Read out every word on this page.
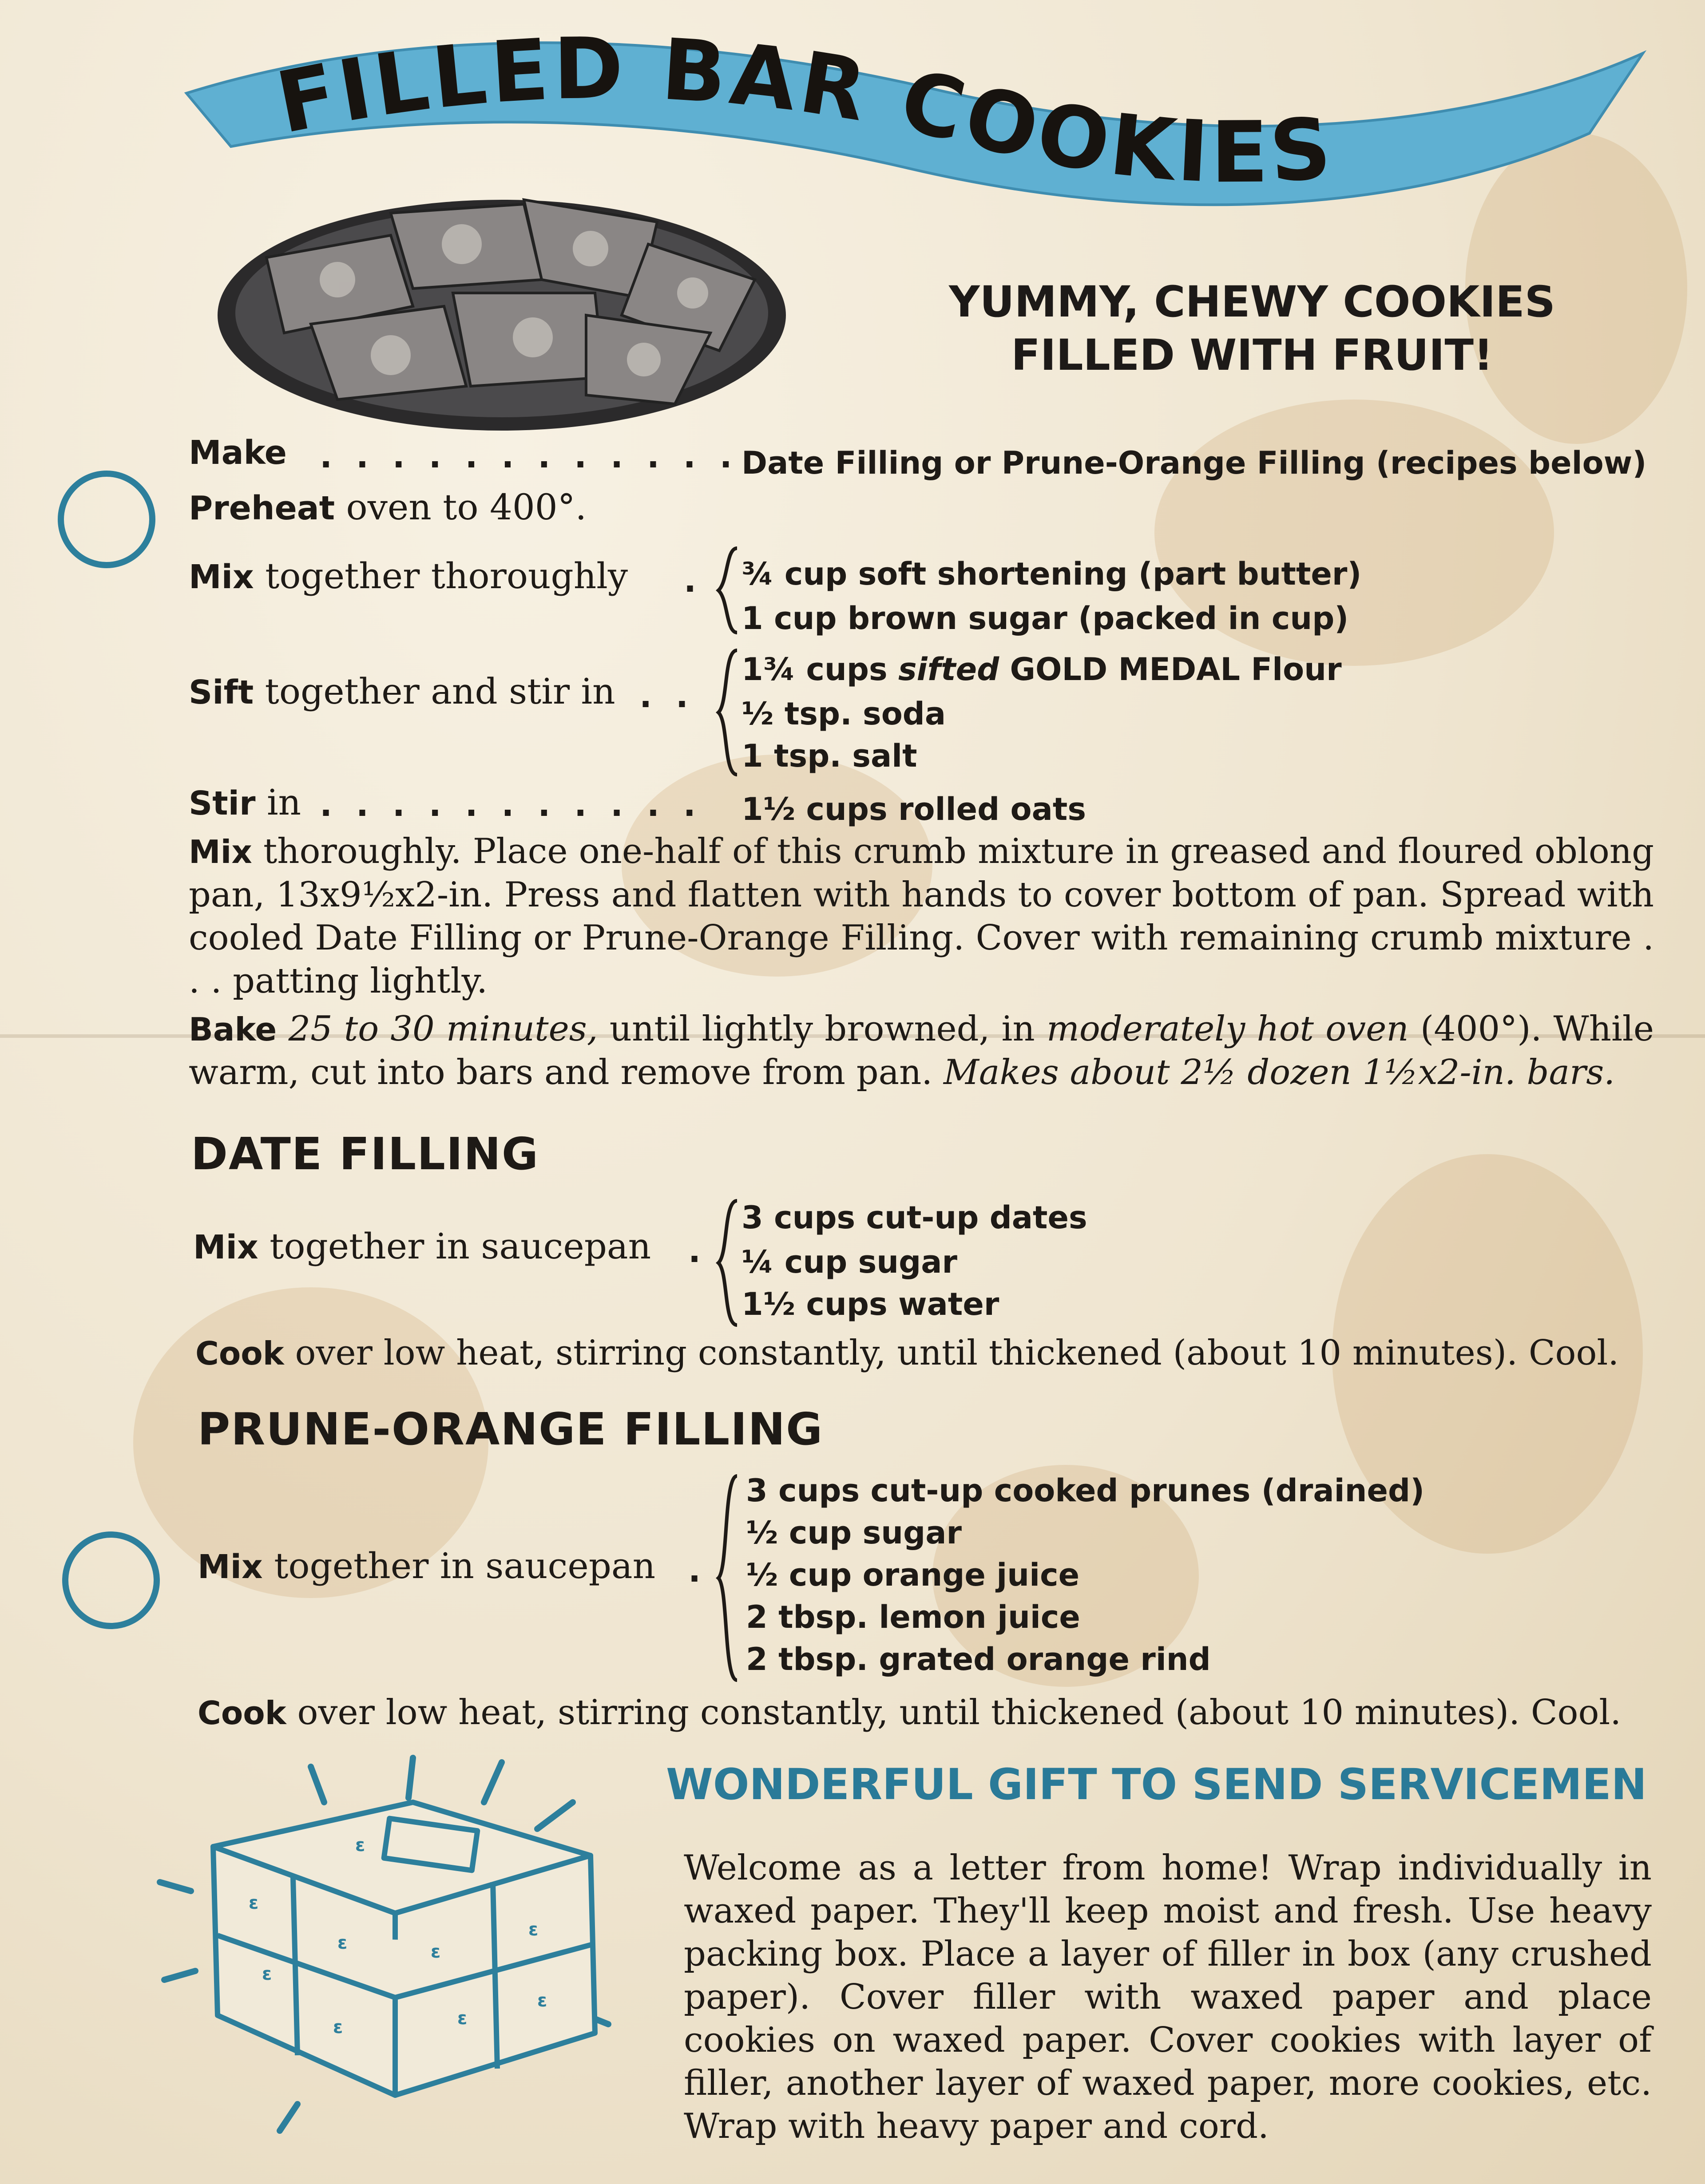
FILLED BAR COOKIES
YUMMY, CHEWY COOKIES
FILLED WITH FRUIT!
Make . . . . . . . . . . . . Date Filling or Prune-Orange Filling (recipes below)
Preheat oven to 400°.
Mix together thoroughly . ¾ cup soft shortening (part butter)
1 cup brown sugar (packed in cup)
Sift together and stir in . .
1¾ cups sifted GOLD MEDAL Flour
½ tsp. soda
1 tsp. salt
Stir in . . . . . . . . . . . 1½ cups rolled oats
Mix thoroughly. Place one-half of this crumb mixture in greased and floured oblong pan, 13x9½x2-in. Press and flatten with hands to cover bottom of pan. Spread with cooled Date Filling or Prune-Orange Filling. Cover with remaining crumb mixture . . . patting lightly.
Bake 25 to 30 minutes, until lightly browned, in moderately hot oven (400°). While warm, cut into bars and remove from pan. Makes about 2½ dozen 1½x2-in. bars.
DATE FILLING
Mix together in saucepan .
3 cups cut-up dates
¼ cup sugar
1½ cups water
Cook over low heat, stirring constantly, until thickened (about 10 minutes). Cool.
PRUNE-ORANGE FILLING
Mix together in saucepan .
3 cups cut-up cooked prunes (drained)
½ cup sugar
½ cup orange juice
2 tbsp. lemon juice
2 tbsp. grated orange rind
Cook over low heat, stirring constantly, until thickened (about 10 minutes). Cool.
ε
ε
ε
ε
ε
ε
ε
ε
ε
WONDERFUL GIFT TO SEND SERVICEMEN
Welcome as a letter from home! Wrap individually in waxed paper. They'll keep moist and fresh. Use heavy packing box. Place a layer of filler in box (any crushed paper). Cover filler with waxed paper and place cookies on waxed paper. Cover cookies with layer of filler, another layer of waxed paper, more cookies, etc. Wrap with heavy paper and cord.
